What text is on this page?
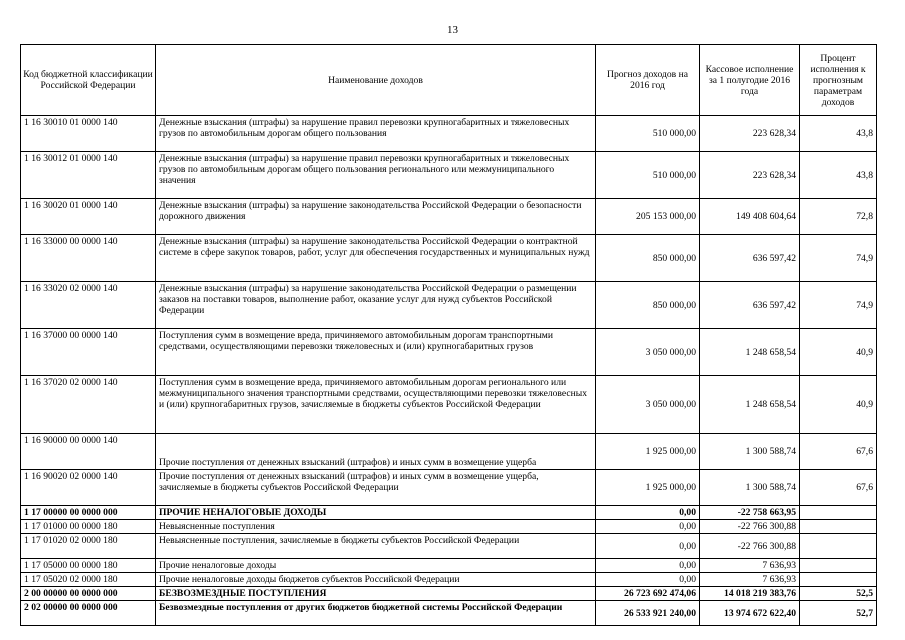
13
Код бюджетной классификации Российской Федерации	Наименование доходов	Прогноз доходов на 2016 год	Кассовое исполнение за 1 полугодие 2016 года	Процент исполнения к прогнозным параметрам доходов
1 16 30010 01 0000 140	Денежные взыскания (штрафы) за нарушение правил перевозки крупногабаритных и тяжеловесных грузов по автомобильным дорогам общего пользования	510 000,00	223 628,34	43,8
1 16 30012 01 0000 140	Денежные взыскания (штрафы) за нарушение правил перевозки крупногабаритных и тяжеловесных грузов по автомобильным дорогам общего пользования регионального или межмуниципального значения	510 000,00	223 628,34	43,8
1 16 30020 01 0000 140	Денежные взыскания (штрафы) за нарушение законодательства Российской Федерации о безопасности дорожного движения	205 153 000,00	149 408 604,64	72,8
1 16 33000 00 0000 140	Денежные взыскания (штрафы) за нарушение законодательства Российской Федерации о контрактной системе в сфере закупок товаров, работ, услуг для обеспечения государственных и муниципальных нужд	850 000,00	636 597,42	74,9
1 16 33020 02 0000 140	Денежные взыскания (штрафы) за нарушение законодательства Российской Федерации о размещении заказов на поставки товаров, выполнение работ, оказание услуг для нужд субъектов Российской Федерации	850 000,00	636 597,42	74,9
1 16 37000 00 0000 140	Поступления сумм в возмещение вреда, причиняемого автомобильным дорогам транспортными средствами, осуществляющими перевозки тяжеловесных и (или) крупногабаритных грузов	3 050 000,00	1 248 658,54	40,9
1 16 37020 02 0000 140	Поступления сумм в возмещение вреда, причиняемого автомобильным дорогам регионального или межмуниципального значения транспортными средствами, осуществляющими перевозки тяжеловесных и (или) крупногабаритных грузов, зачисляемые в бюджеты субъектов Российской Федерации	3 050 000,00	1 248 658,54	40,9
1 16 90000 00 0000 140	Прочие поступления от денежных взысканий (штрафов) и иных сумм в возмещение ущерба	1 925 000,00	1 300 588,74	67,6
1 16 90020 02 0000 140	Прочие поступления от денежных взысканий (штрафов) и иных сумм в возмещение ущерба, зачисляемые в бюджеты субъектов Российской Федерации	1 925 000,00	1 300 588,74	67,6
1 17 00000 00 0000 000	ПРОЧИЕ НЕНАЛОГОВЫЕ ДОХОДЫ	0,00	-22 758 663,95	
1 17 01000 00 0000 180	Невыясненные поступления	0,00	-22 766 300,88	
1 17 01020 02 0000 180	Невыясненные поступления, зачисляемые в бюджеты субъектов Российской Федерации	0,00	-22 766 300,88	
1 17 05000 00 0000 180	Прочие неналоговые доходы	0,00	7 636,93	
1 17 05020 02 0000 180	Прочие неналоговые доходы бюджетов субъектов Российской Федерации	0,00	7 636,93	
2 00 00000 00 0000 000	БЕЗВОЗМЕЗДНЫЕ ПОСТУПЛЕНИЯ	26 723 692 474,06	14 018 219 383,76	52,5
2 02 00000 00 0000 000	Безвозмездные поступления от других бюджетов бюджетной системы Российской Федерации	26 533 921 240,00	13 974 672 622,40	52,7
